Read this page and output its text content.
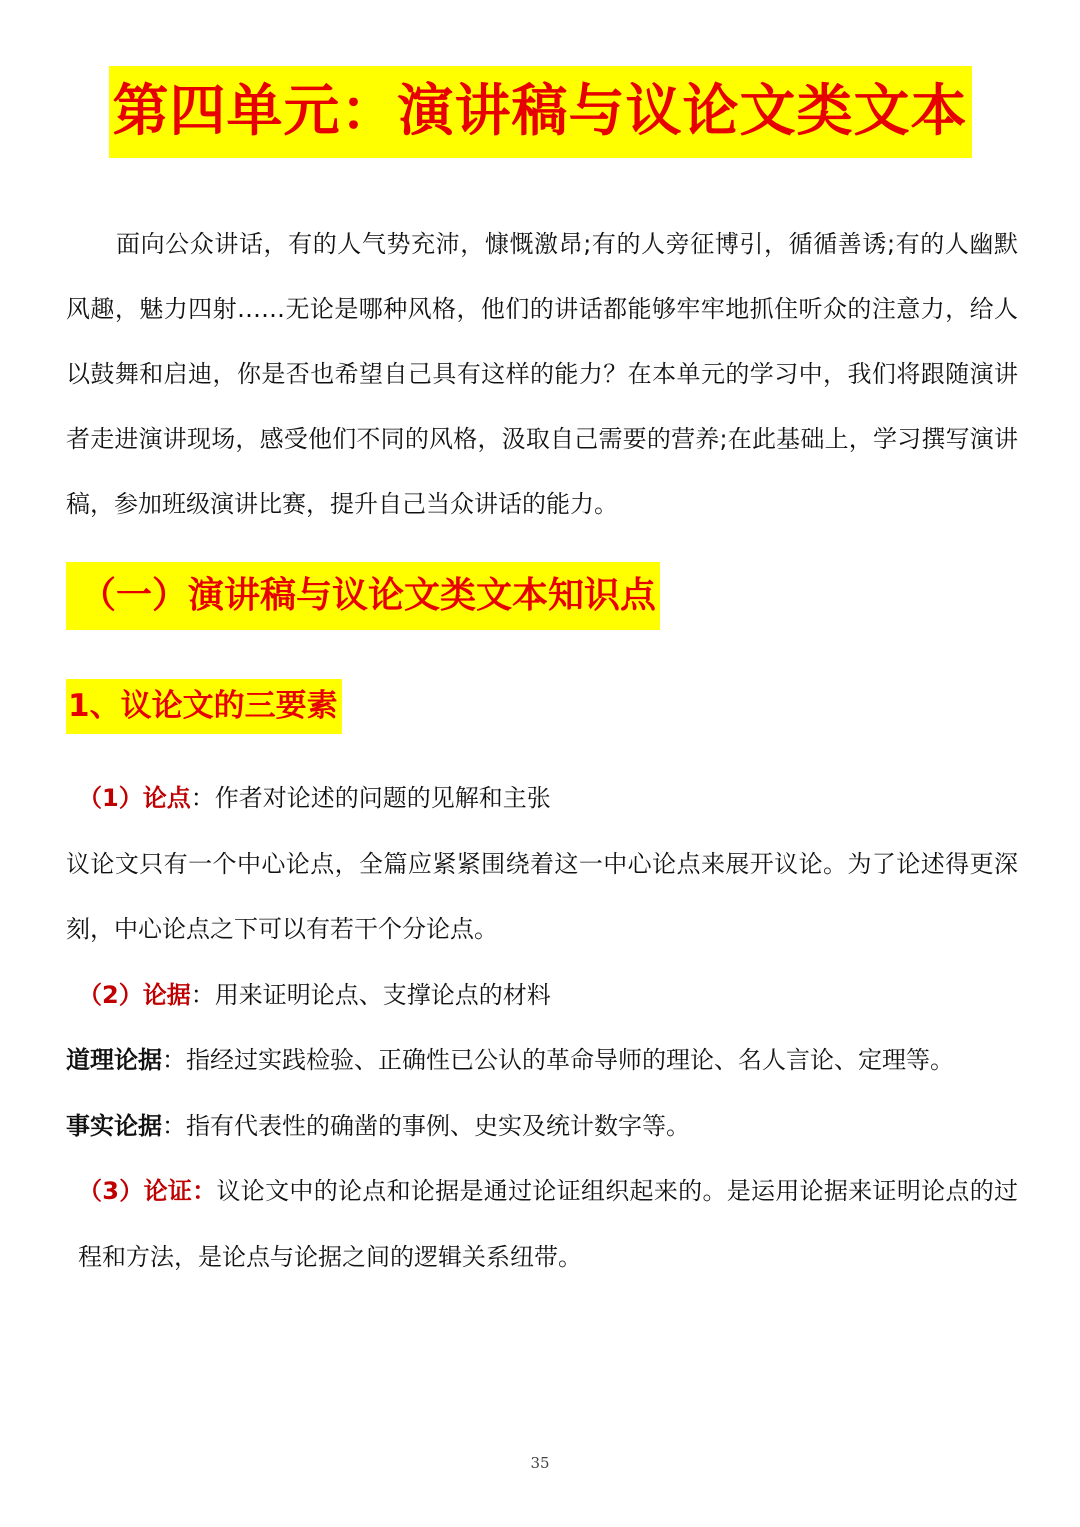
第四单元：演讲稿与议论文类文本

面向公众讲话，有的人气势充沛，慷慨激昂;有的人旁征博引，循循善诱;有的人幽默风趣，魅力四射……无论是哪种风格，他们的讲话都能够牢牢地抓住听众的注意力，给人以鼓舞和启迪，你是否也希望自己具有这样的能力？在本单元的学习中，我们将跟随演讲者走进演讲现场，感受他们不同的风格，汲取自己需要的营养;在此基础上，学习撰写演讲稿，参加班级演讲比赛，提升自己当众讲话的能力。

（一）演讲稿与议论文类文本知识点
1、议论文的三要素

（1）论点：作者对论述的问题的见解和主张

议论文只有一个中心论点，全篇应紧紧围绕着这一中心论点来展开议论。为了论述得更深刻，中心论点之下可以有若干个分论点。

（2）论据：用来证明论点、支撑论点的材料

道理论据：指经过实践检验、正确性已公认的革命导师的理论、名人言论、定理等。

事实论据：指有代表性的确凿的事例、史实及统计数字等。

（3）论证：议论文中的论点和论据是通过论证组织起来的。是运用论据来证明论点的过程和方法，是论点与论据之间的逻辑关系纽带。

35
